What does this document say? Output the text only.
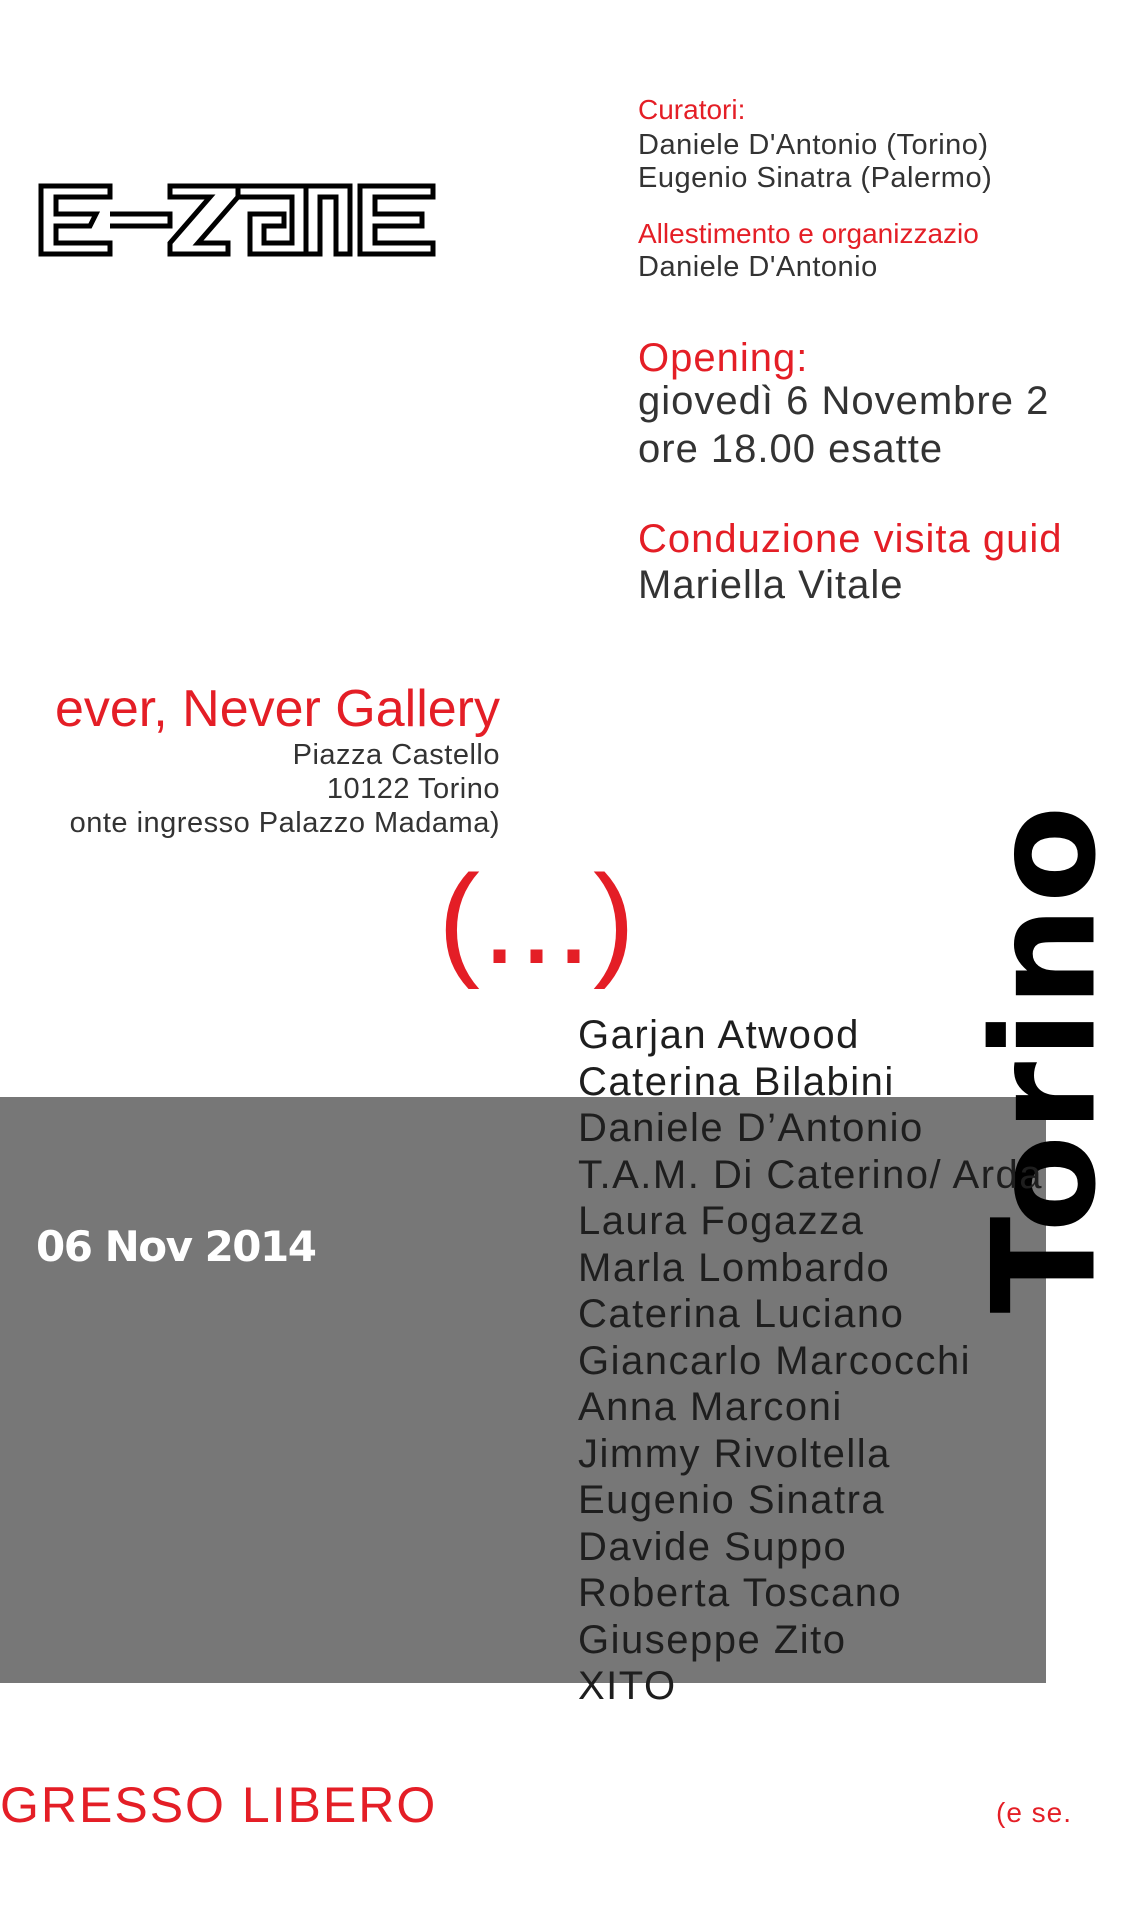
Curatori:
Daniele D'Antonio (Torino)
Eugenio Sinatra (Palermo)
Allestimento e organizzazio
Daniele D'Antonio
Opening:
giovedì 6 Novembre 2
ore 18.00 esatte
Conduzione visita guid
Mariella Vitale
ever, Never Gallery
Piazza Castello
10122 Torino
onte ingresso Palazzo Madama)
(...)
06 Nov 2014	Torino
Garjan Atwood
Caterina Bilabini
Daniele D’Antonio
T.A.M. Di Caterino/ Arda
Laura Fogazza
Marla Lombardo
Caterina Luciano
Giancarlo Marcocchi
Anna Marconi
Jimmy Rivoltella
Eugenio Sinatra
Davide Suppo
Roberta Toscano
Giuseppe Zito
XITO
GRESSO LIBERO	(e se.
